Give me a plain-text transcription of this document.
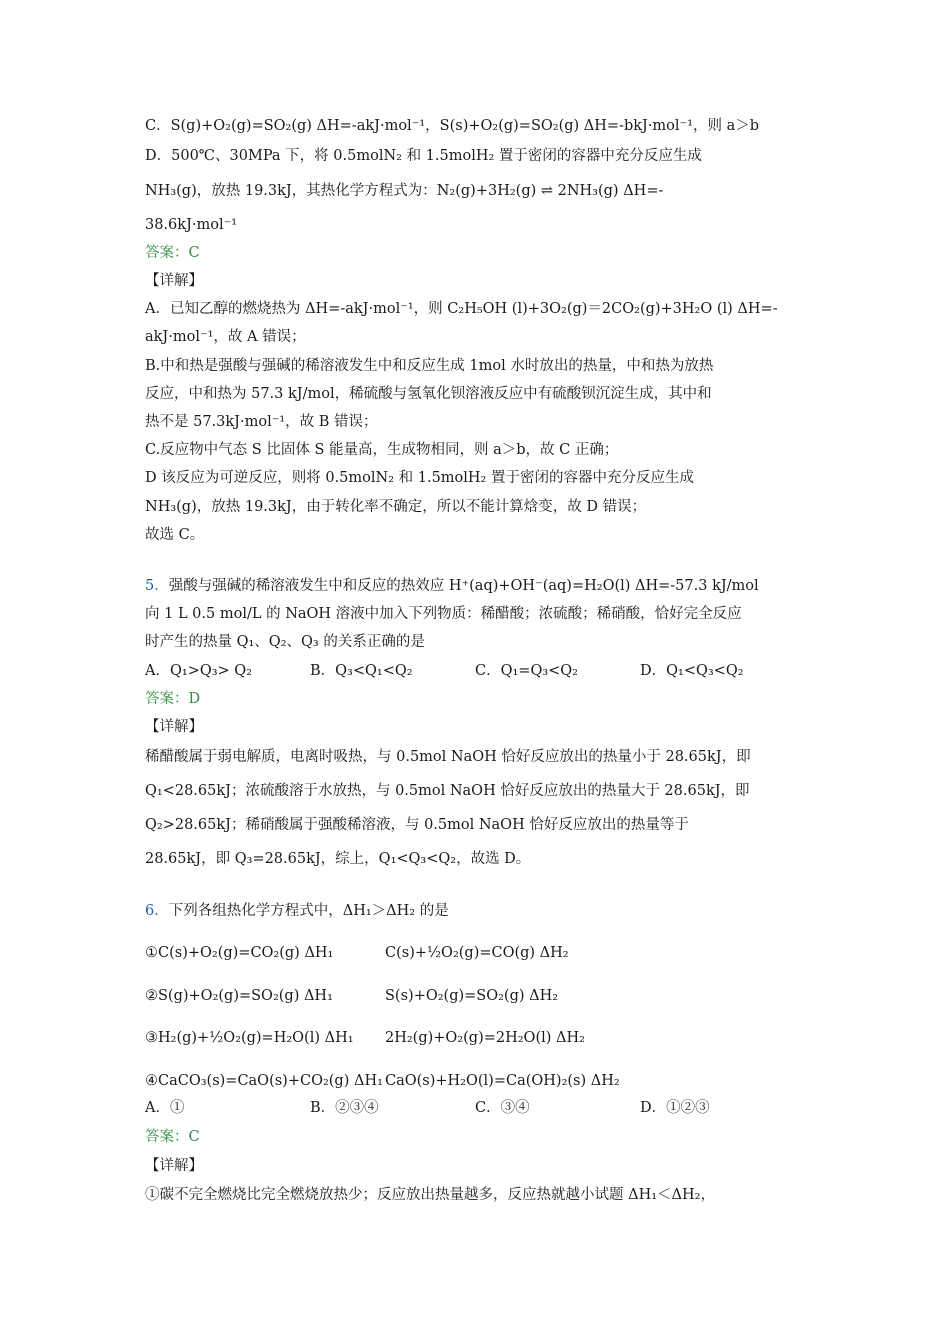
C．S(g)+O₂(g)=SO₂(g) ΔH=-akJ·mol⁻¹，S(s)+O₂(g)=SO₂(g) ΔH=-bkJ·mol⁻¹，则 a＞b
D．500℃、30MPa 下，将 0.5molN₂ 和 1.5molH₂ 置于密闭的容器中充分反应生成
NH₃(g)，放热 19.3kJ，其热化学方程式为：N₂(g)+3H₂(g) ⇌ 2NH₃(g) ΔH=-
38.6kJ·mol⁻¹
答案：C
【详解】
A．已知乙醇的燃烧热为 ΔH=-akJ·mol⁻¹，则 C₂H₅OH (l)+3O₂(g)＝2CO₂(g)+3H₂O (l) ΔH=-
akJ·mol⁻¹，故 A 错误；
B.中和热是强酸与强碱的稀溶液发生中和反应生成 1mol 水时放出的热量，中和热为放热
反应，中和热为 57.3 kJ/mol，稀硫酸与氢氧化钡溶液反应中有硫酸钡沉淀生成，其中和
热不是 57.3kJ·mol⁻¹，故 B 错误；
C.反应物中气态 S 比固体 S 能量高，生成物相同，则 a＞b，故 C 正确；
D 该反应为可逆反应，则将 0.5molN₂ 和 1.5molH₂ 置于密闭的容器中充分反应生成
NH₃(g)，放热 19.3kJ，由于转化率不确定，所以不能计算焓变，故 D 错误；
故选 C。
5．强酸与强碱的稀溶液发生中和反应的热效应 H⁺(aq)+OH⁻(aq)=H₂O(l) ΔH=-57.3 kJ/mol
向 1 L 0.5 mol/L 的 NaOH 溶液中加入下列物质：稀醋酸；浓硫酸；稀硝酸，恰好完全反应
时产生的热量 Q₁、Q₂、Q₃ 的关系正确的是
A．Q₁>Q₃> Q₂	B．Q₃<Q₁<Q₂	C．Q₁=Q₃<Q₂	D．Q₁<Q₃<Q₂
答案：D
【详解】
稀醋酸属于弱电解质，电离时吸热，与 0.5mol NaOH 恰好反应放出的热量小于 28.65kJ，即
Q₁<28.65kJ；浓硫酸溶于水放热，与 0.5mol NaOH 恰好反应放出的热量大于 28.65kJ，即
Q₂>28.65kJ；稀硝酸属于强酸稀溶液，与 0.5mol NaOH 恰好反应放出的热量等于
28.65kJ，即 Q₃=28.65kJ，综上，Q₁<Q₃<Q₂，故选 D。
6．下列各组热化学方程式中，ΔH₁＞ΔH₂ 的是
①C(s)+O₂(g)=CO₂(g) ΔH₁	C(s)+½O₂(g)=CO(g) ΔH₂
②S(g)+O₂(g)=SO₂(g) ΔH₁	S(s)+O₂(g)=SO₂(g) ΔH₂
③H₂(g)+½O₂(g)=H₂O(l) ΔH₁ 2H₂(g)+O₂(g)=2H₂O(l) ΔH₂
④CaCO₃(s)=CaO(s)+CO₂(g) ΔH₁ CaO(s)+H₂O(l)=Ca(OH)₂(s) ΔH₂
A．①	B．②③④	C．③④	D．①②③
答案：C
【详解】
①碳不完全燃烧比完全燃烧放热少；反应放出热量越多，反应热就越小试题 ΔH₁＜ΔH₂，
